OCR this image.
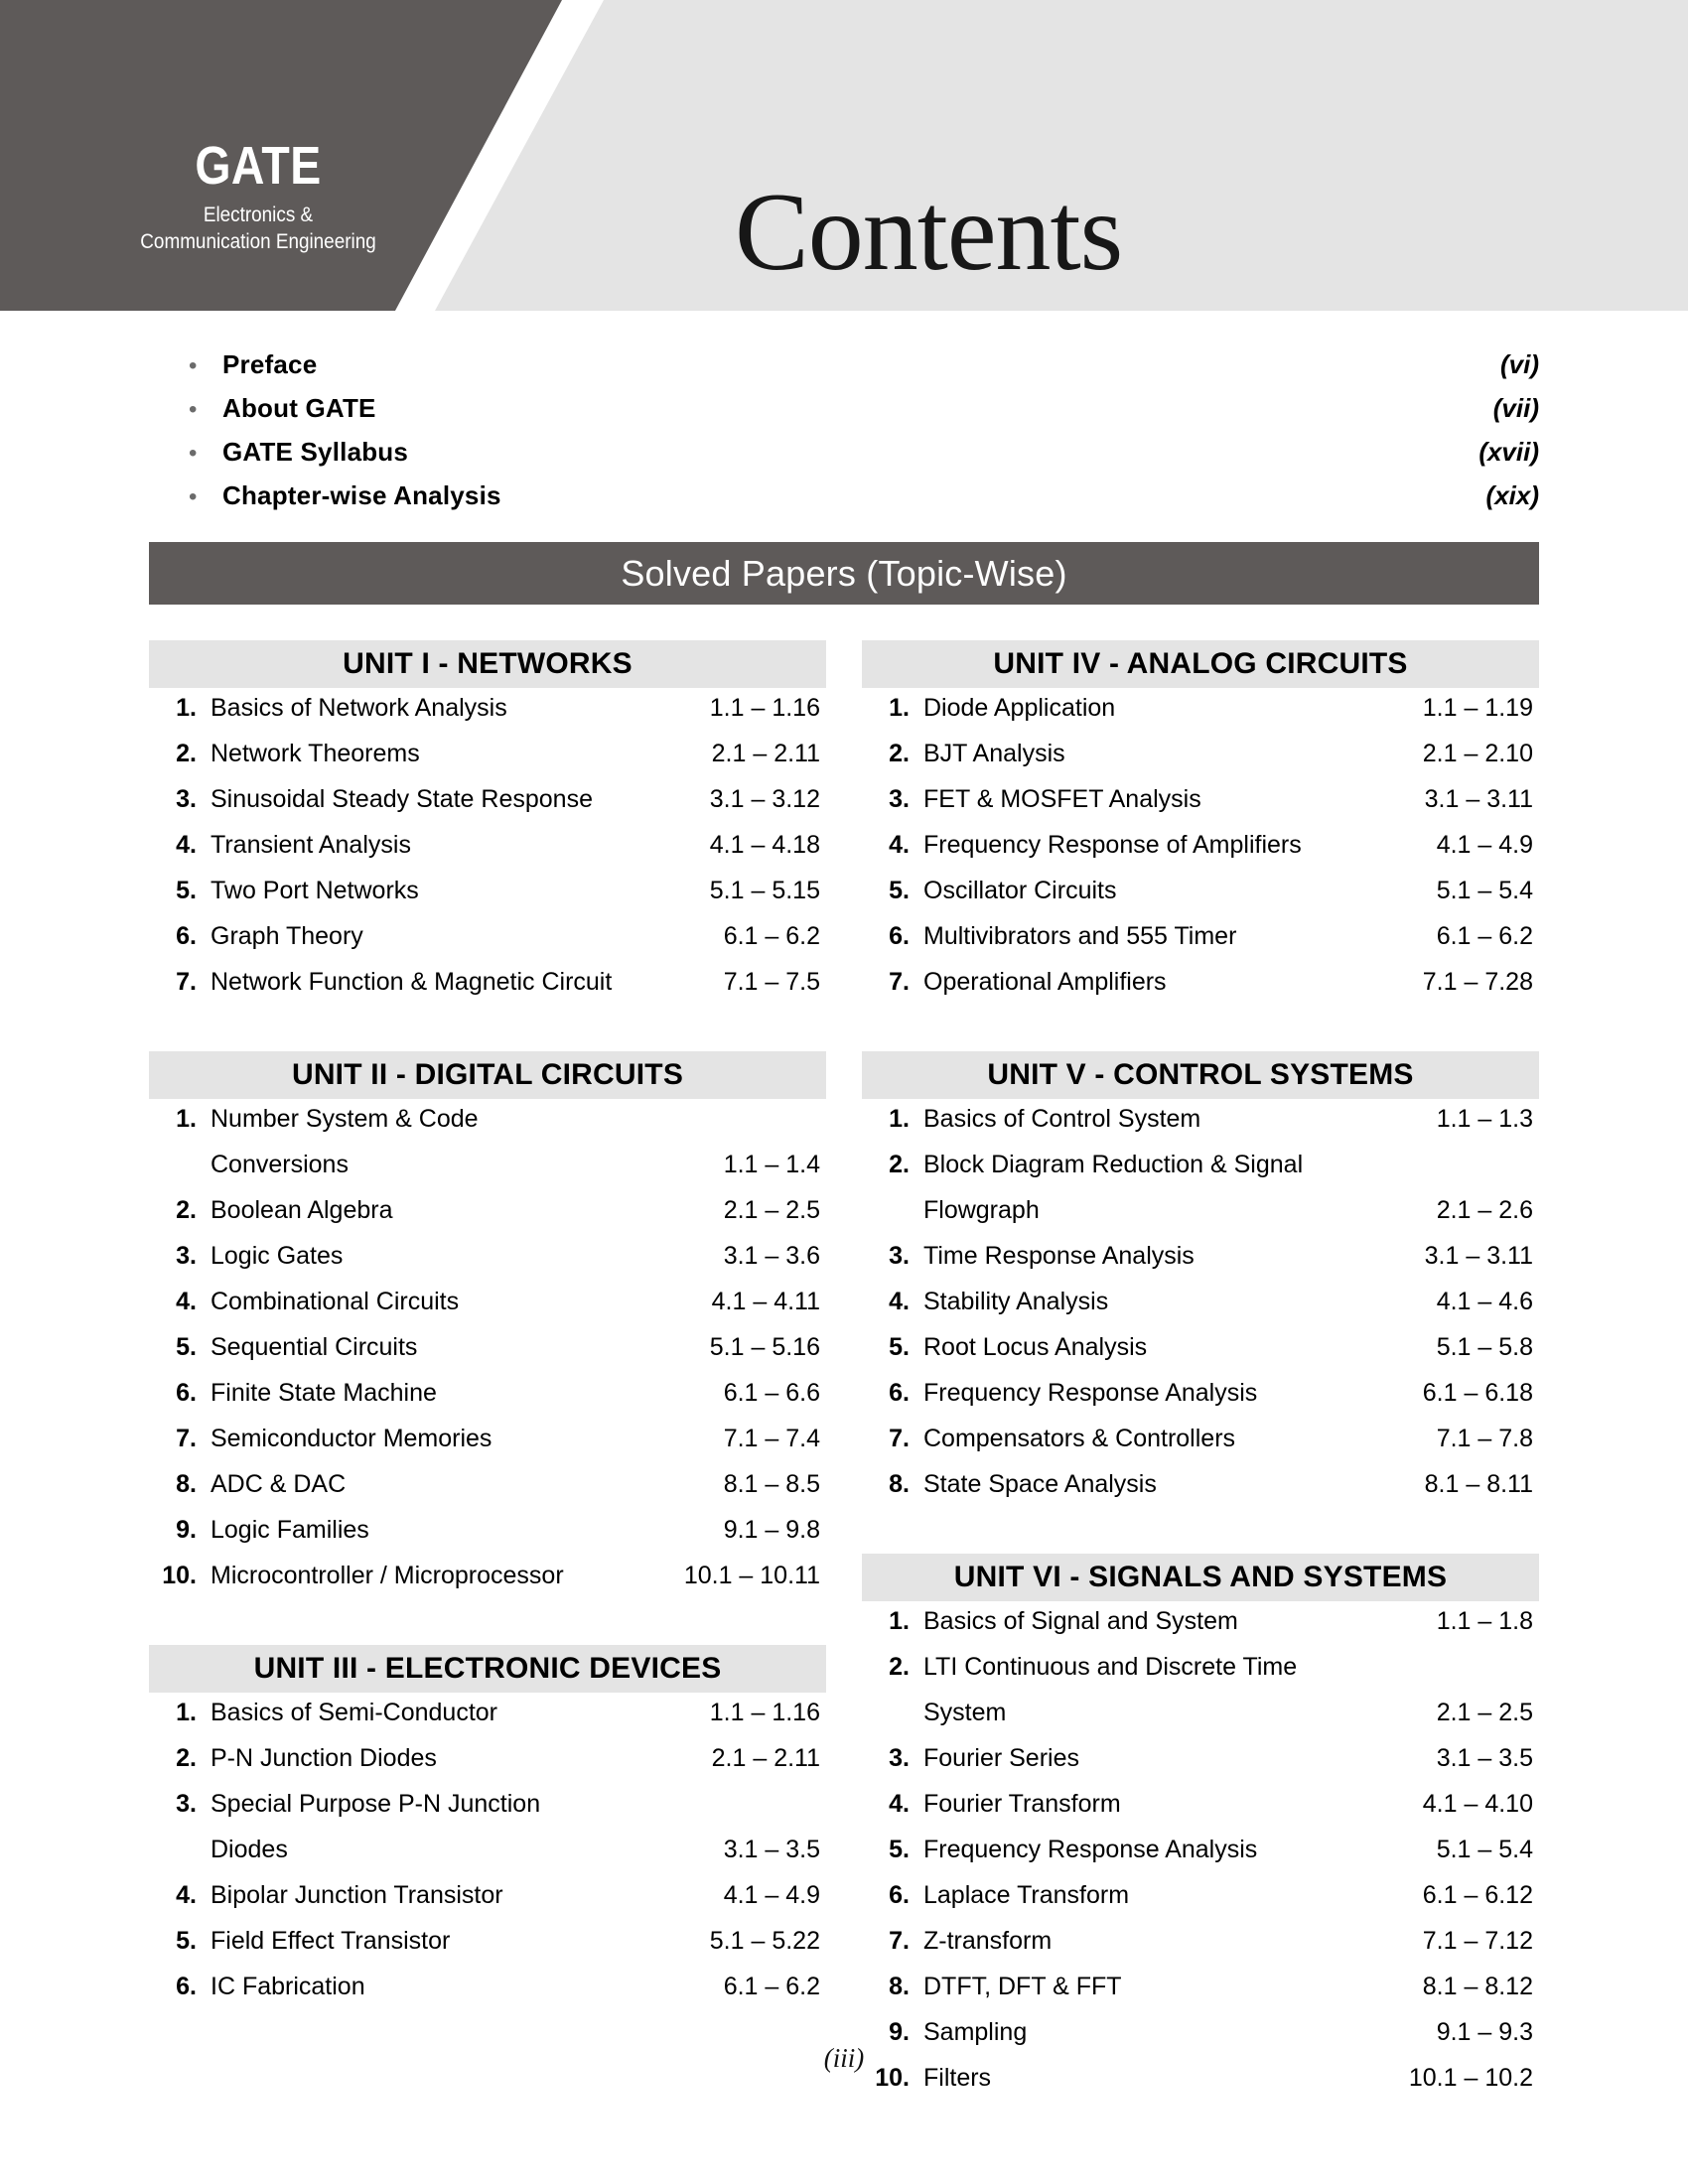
GATE
Electronics &
Communication Engineering	Contents
• Preface	(vi)
• About GATE	(vii)
• GATE Syllabus	(xvii)
• Chapter-wise Analysis	(xix)
Solved Papers (Topic-Wise)
UNIT I - NETWORKS
1. Basics of Network Analysis	1.1 – 1.16
2. Network Theorems	2.1 – 2.11
3. Sinusoidal Steady State Response	3.1 – 3.12
4. Transient Analysis	4.1 – 4.18
5. Two Port Networks	5.1 – 5.15
6. Graph Theory	6.1 – 6.2
7. Network Function & Magnetic Circuit	7.1 – 7.5
UNIT II - DIGITAL CIRCUITS
1. Number System & Code
Conversions	1.1 – 1.4
2. Boolean Algebra	2.1 – 2.5
3. Logic Gates	3.1 – 3.6
4. Combinational Circuits	4.1 – 4.11
5. Sequential Circuits	5.1 – 5.16
6. Finite State Machine	6.1 – 6.6
7. Semiconductor Memories	7.1 – 7.4
8. ADC & DAC	8.1 – 8.5
9. Logic Families	9.1 – 9.8
10. Microcontroller / Microprocessor	10.1 – 10.11
UNIT III - ELECTRONIC DEVICES
1. Basics of Semi-Conductor	1.1 – 1.16
2. P-N Junction Diodes	2.1 – 2.11
3. Special Purpose P-N Junction
Diodes	3.1 – 3.5
4. Bipolar Junction Transistor	4.1 – 4.9
5. Field Effect Transistor	5.1 – 5.22
6. IC Fabrication	6.1 – 6.2
UNIT IV - ANALOG CIRCUITS
1. Diode Application	1.1 – 1.19
2. BJT Analysis	2.1 – 2.10
3. FET & MOSFET Analysis	3.1 – 3.11
4. Frequency Response of Amplifiers	4.1 – 4.9
5. Oscillator Circuits	5.1 – 5.4
6. Multivibrators and 555 Timer	6.1 – 6.2
7. Operational Amplifiers	7.1 – 7.28
UNIT V - CONTROL SYSTEMS
1. Basics of Control System	1.1 – 1.3
2. Block Diagram Reduction & Signal
Flowgraph	2.1 – 2.6
3. Time Response Analysis	3.1 – 3.11
4. Stability Analysis	4.1 – 4.6
5. Root Locus Analysis	5.1 – 5.8
6. Frequency Response Analysis	6.1 – 6.18
7. Compensators & Controllers	7.1 – 7.8
8. State Space Analysis	8.1 – 8.11
UNIT VI - SIGNALS AND SYSTEMS
1. Basics of Signal and System	1.1 – 1.8
2. LTI Continuous and Discrete Time
System	2.1 – 2.5
3. Fourier Series	3.1 – 3.5
4. Fourier Transform	4.1 – 4.10
5. Frequency Response Analysis	5.1 – 5.4
6. Laplace Transform	6.1 – 6.12
7. Z-transform	7.1 – 7.12
8. DTFT, DFT & FFT	8.1 – 8.12
9. Sampling	9.1 – 9.3
10. Filters	10.1 – 10.2
(iii)
